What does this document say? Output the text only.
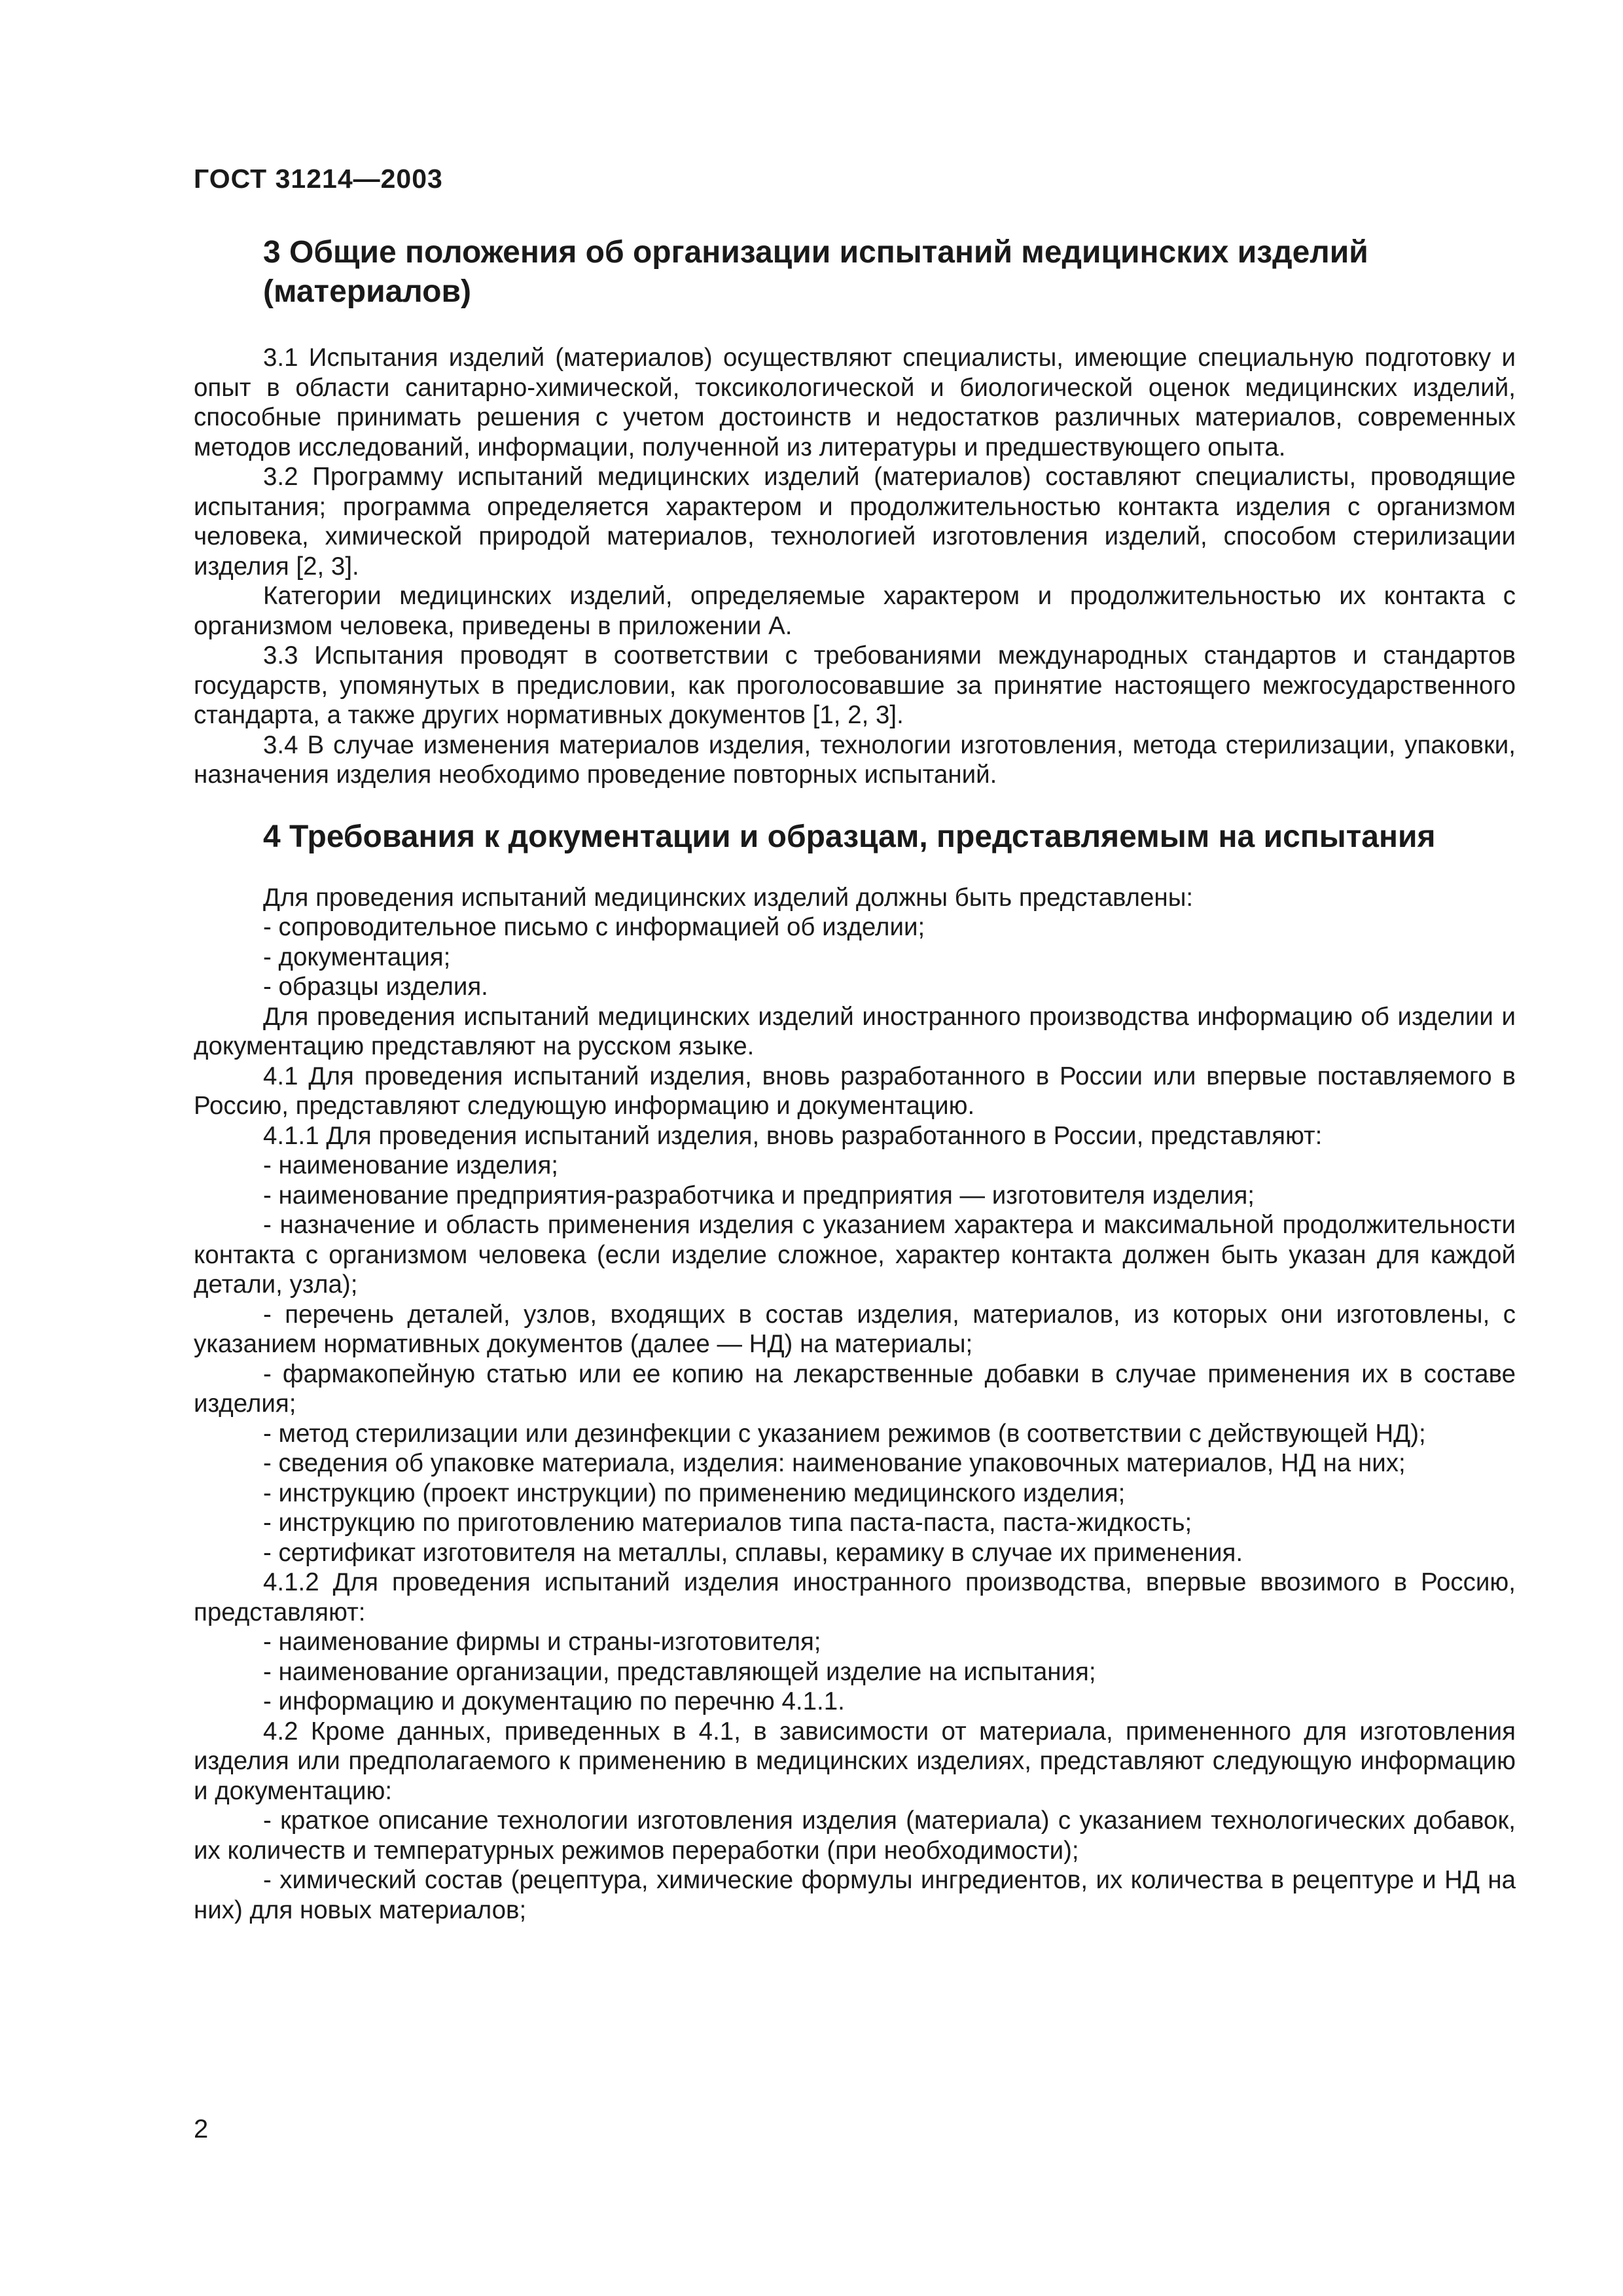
ГОСТ 31214—2003
3 Общие положения об организации испытаний медицинских изделий (материалов)

3.1 Испытания изделий (материалов) осуществляют специалисты, имеющие специальную подготовку и опыт в области санитарно-химической, токсикологической и биологической оценок медицинских изделий, способные принимать решения с учетом достоинств и недостатков различных материалов, современных методов исследований, информации, полученной из литературы и предшествующего опыта.

3.2 Программу испытаний медицинских изделий (материалов) составляют специалисты, проводящие испытания; программа определяется характером и продолжительностью контакта изделия с организмом человека, химической природой материалов, технологией изготовления изделий, способом стерилизации изделия [2, 3].

Категории медицинских изделий, определяемые характером и продолжительностью их контакта с организмом человека, приведены в приложении А.

3.3 Испытания проводят в соответствии с требованиями международных стандартов и стандартов государств, упомянутых в предисловии, как проголосовавшие за принятие настоящего межгосударственного стандарта, а также других нормативных документов [1, 2, 3].

3.4 В случае изменения материалов изделия, технологии изготовления, метода стерилизации, упаковки, назначения изделия необходимо проведение повторных испытаний.

4 Требования к документации и образцам, представляемым на испытания

Для проведения испытаний медицинских изделий должны быть представлены:

- сопроводительное письмо с информацией об изделии;

- документация;

- образцы изделия.

Для проведения испытаний медицинских изделий иностранного производства информацию об изделии и документацию представляют на русском языке.

4.1 Для проведения испытаний изделия, вновь разработанного в России или впервые поставляемого в Россию, представляют следующую информацию и документацию.

4.1.1 Для проведения испытаний изделия, вновь разработанного в России, представляют:

- наименование изделия;

- наименование предприятия-разработчика и предприятия — изготовителя изделия;

- назначение и область применения изделия с указанием характера и максимальной продолжительности контакта с организмом человека (если изделие сложное, характер контакта должен быть указан для каждой детали, узла);

- перечень деталей, узлов, входящих в состав изделия, материалов, из которых они изготовлены, с указанием нормативных документов (далее — НД) на материалы;

- фармакопейную статью или ее копию на лекарственные добавки в случае применения их в составе изделия;

- метод стерилизации или дезинфекции с указанием режимов (в соответствии с действующей НД);

- сведения об упаковке материала, изделия: наименование упаковочных материалов, НД на них;

- инструкцию (проект инструкции) по применению медицинского изделия;

- инструкцию по приготовлению материалов типа паста-паста, паста-жидкость;

- сертификат изготовителя на металлы, сплавы, керамику в случае их применения.

4.1.2 Для проведения испытаний изделия иностранного производства, впервые ввозимого в Россию, представляют:

- наименование фирмы и страны-изготовителя;

- наименование организации, представляющей изделие на испытания;

- информацию и документацию по перечню 4.1.1.

4.2 Кроме данных, приведенных в 4.1, в зависимости от материала, примененного для изготовления изделия или предполагаемого к применению в медицинских изделиях, представляют следующую информацию и документацию:

- краткое описание технологии изготовления изделия (материала) с указанием технологических добавок, их количеств и температурных режимов переработки (при необходимости);

- химический состав (рецептура, химические формулы ингредиентов, их количества в рецептуре и НД на них) для новых материалов;

2
